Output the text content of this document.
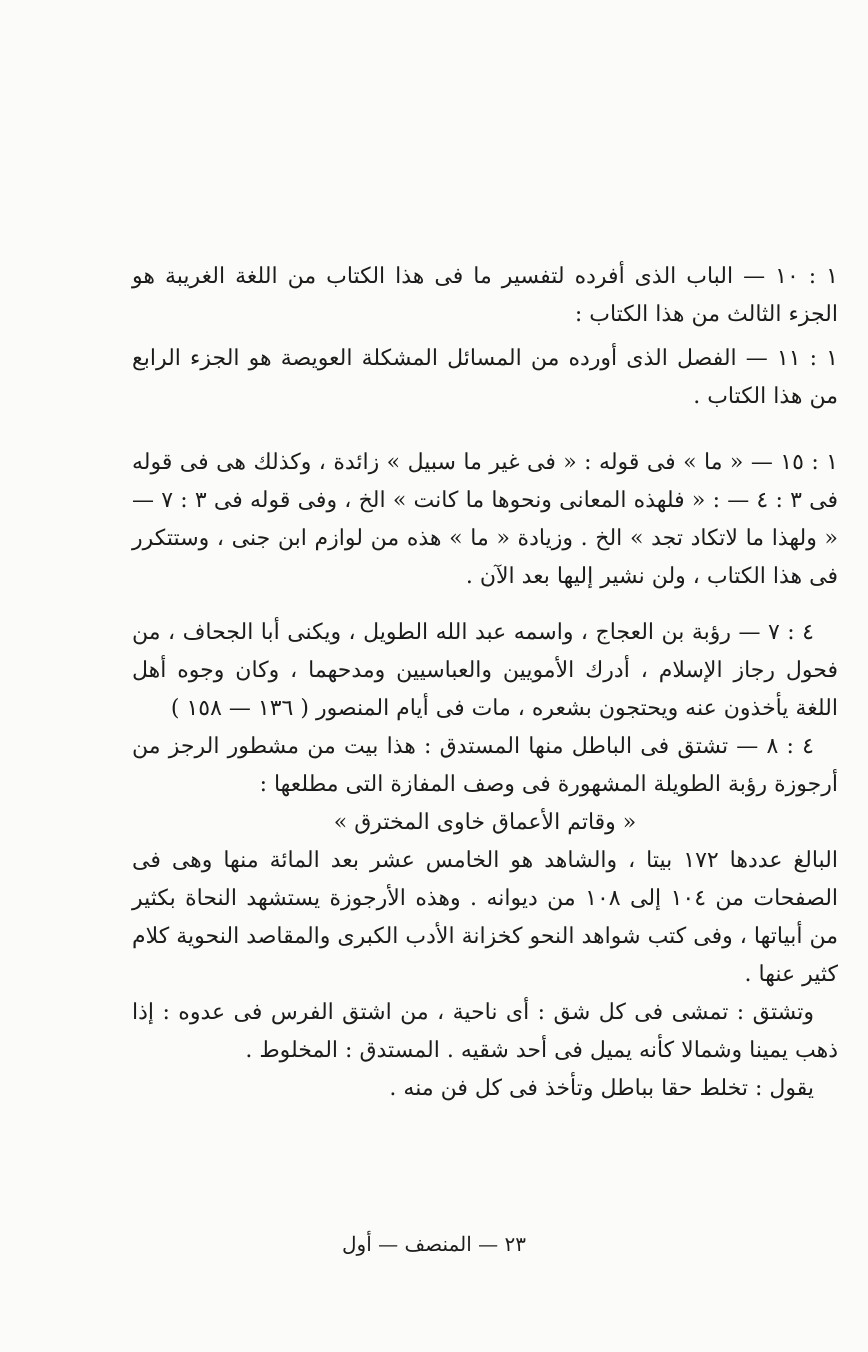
١ : ١٠ — الباب الذى أفرده لتفسير ما فى هذا الكتاب من اللغة الغريبة هو الجزء الثالث من هذا الكتاب :

١ : ١١ — الفصل الذى أورده من المسائل المشكلة العويصة هو الجزء الرابع من هذا الكتاب .

١ : ١٥ — « ما » فى قوله : « فى غير ما سبيل » زائدة ، وكذلك هى فى قوله فى ٣ : ٤ — : « فلهذه المعانى ونحوها ما كانت » الخ ، وفى قوله فى ٣ : ٧ — « ولهذا ما لاتكاد تجد » الخ . وزيادة « ما » هذه من لوازم ابن جنى ، وستتكرر فى هذا الكتاب ، ولن نشير إليها بعد الآن .

٤ : ٧ — رؤبة بن العجاج ، واسمه عبد الله الطويل ، ويكنى أبا الجحاف ، من فحول رجاز الإسلام ، أدرك الأمويين والعباسيين ومدحهما ، وكان وجوه أهل اللغة يأخذون عنه ويحتجون بشعره ، مات فى أيام المنصور ( ١٣٦ — ١٥٨ )

٤ : ٨ — تشتق فى الباطل منها المستدق : هذا بيت من مشطور الرجز من أرجوزة رؤبة الطويلة المشهورة فى وصف المفازة التى مطلعها :

« وقاتم الأعماق خاوى المخترق »

البالغ عددها ١٧٢ بيتا ، والشاهد هو الخامس عشر بعد المائة منها وهى فى الصفحات من ١٠٤ إلى ١٠٨ من ديوانه . وهذه الأرجوزة يستشهد النحاة بكثير من أبياتها ، وفى كتب شواهد النحو كخزانة الأدب الكبرى والمقاصد النحوية كلام كثير عنها .

وتشتق : تمشى فى كل شق : أى ناحية ، من اشتق الفرس فى عدوه : إذا ذهب يمينا وشمالا كأنه يميل فى أحد شقيه . المستدق : المخلوط .

يقول : تخلط حقا بباطل وتأخذ فى كل فن منه .

٢٣ — المنصف — أول
